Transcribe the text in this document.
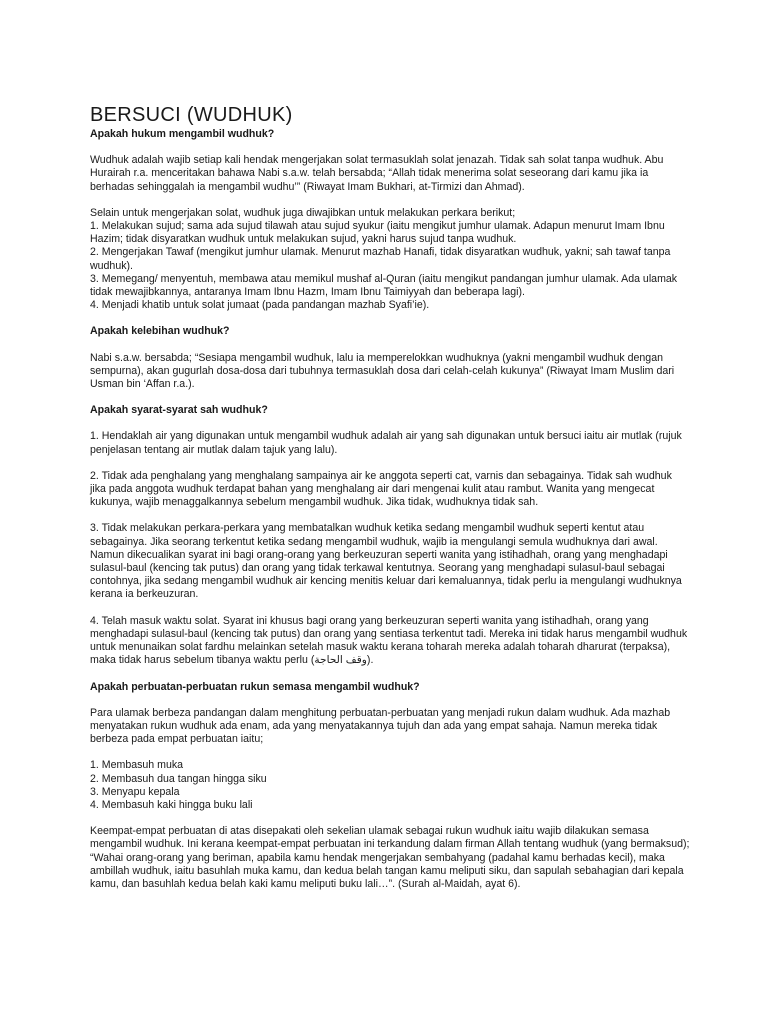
BERSUCI (WUDHUK)

Apakah hukum mengambil wudhuk?

Wudhuk adalah wajib setiap kali hendak mengerjakan solat termasuklah solat jenazah. Tidak sah solat tanpa wudhuk. Abu Hurairah r.a. menceritakan bahawa Nabi s.a.w. telah bersabda; “Allah tidak menerima solat seseorang dari kamu jika ia berhadas sehinggalah ia mengambil wudhu’” (Riwayat Imam Bukhari, at-Tirmizi dan Ahmad).

Selain untuk mengerjakan solat, wudhuk juga diwajibkan untuk melakukan perkara berikut;

1. Melakukan sujud; sama ada sujud tilawah atau sujud syukur (iaitu mengikut jumhur ulamak. Adapun menurut Imam Ibnu Hazim; tidak disyaratkan wudhuk untuk melakukan sujud, yakni harus sujud tanpa wudhuk.

2. Mengerjakan Tawaf (mengikut jumhur ulamak. Menurut mazhab Hanafi, tidak disyaratkan wudhuk, yakni; sah tawaf tanpa wudhuk).

3. Memegang/ menyentuh, membawa atau memikul mushaf al-Quran (iaitu mengikut pandangan jumhur ulamak. Ada ulamak tidak mewajibkannya, antaranya Imam Ibnu Hazm, Imam Ibnu Taimiyyah dan beberapa lagi).

4. Menjadi khatib untuk solat jumaat (pada pandangan mazhab Syafi’ie).

Apakah kelebihan wudhuk?

Nabi s.a.w. bersabda; “Sesiapa mengambil wudhuk, lalu ia memperelokkan wudhuknya (yakni mengambil wudhuk dengan sempurna), akan gugurlah dosa-dosa dari tubuhnya termasuklah dosa dari celah-celah kukunya” (Riwayat Imam Muslim dari Usman bin ‘Affan r.a.).

Apakah syarat-syarat sah wudhuk?

1. Hendaklah air yang digunakan untuk mengambil wudhuk adalah air yang sah digunakan untuk bersuci iaitu air mutlak (rujuk penjelasan tentang air mutlak dalam tajuk yang lalu).

2. Tidak ada penghalang yang menghalang sampainya air ke anggota seperti cat, varnis dan sebagainya. Tidak sah wudhuk jika pada anggota wudhuk terdapat bahan yang menghalang air dari mengenai kulit atau rambut. Wanita yang mengecat kukunya, wajib menaggalkannya sebelum mengambil wudhuk. Jika tidak, wudhuknya tidak sah.

3. Tidak melakukan perkara-perkara yang membatalkan wudhuk ketika sedang mengambil wudhuk seperti kentut atau sebagainya. Jika seorang terkentut ketika sedang mengambil wudhuk, wajib ia mengulangi semula wudhuknya dari awal. Namun dikecualikan syarat ini bagi orang-orang yang berkeuzuran seperti wanita yang istihadhah, orang yang menghadapi sulasul-baul (kencing tak putus) dan orang yang tidak terkawal kentutnya. Seorang yang menghadapi sulasul-baul sebagai contohnya, jika sedang mengambil wudhuk air kencing menitis keluar dari kemaluannya, tidak perlu ia mengulangi wudhuknya kerana ia berkeuzuran.

4. Telah masuk waktu solat. Syarat ini khusus bagi orang yang berkeuzuran seperti wanita yang istihadhah, orang yang menghadapi sulasul-baul (kencing tak putus) dan orang yang sentiasa terkentut tadi. Mereka ini tidak harus mengambil wudhuk untuk menunaikan solat fardhu melainkan setelah masuk waktu kerana toharah mereka adalah toharah dharurat (terpaksa), maka tidak harus sebelum tibanya waktu perlu (وقف الحاجة).

Apakah perbuatan-perbuatan rukun semasa mengambil wudhuk?

Para ulamak berbeza pandangan dalam menghitung perbuatan-perbuatan yang menjadi rukun dalam wudhuk. Ada mazhab menyatakan rukun wudhuk ada enam, ada yang menyatakannya tujuh dan ada yang empat sahaja. Namun mereka tidak berbeza pada empat perbuatan iaitu;

1. Membasuh muka

2. Membasuh dua tangan hingga siku

3. Menyapu kepala

4. Membasuh kaki hingga buku lali

Keempat-empat perbuatan di atas disepakati oleh sekelian ulamak sebagai rukun wudhuk iaitu wajib dilakukan semasa mengambil wudhuk. Ini kerana keempat-empat perbuatan ini terkandung dalam firman Allah tentang wudhuk (yang bermaksud); “Wahai orang-orang yang beriman, apabila kamu hendak mengerjakan sembahyang (padahal kamu berhadas kecil), maka ambillah wudhuk, iaitu basuhlah muka kamu, dan kedua belah tangan kamu meliputi siku, dan sapulah sebahagian dari kepala kamu, dan basuhlah kedua belah kaki kamu meliputi buku lali…”. (Surah al-Maidah, ayat 6).
